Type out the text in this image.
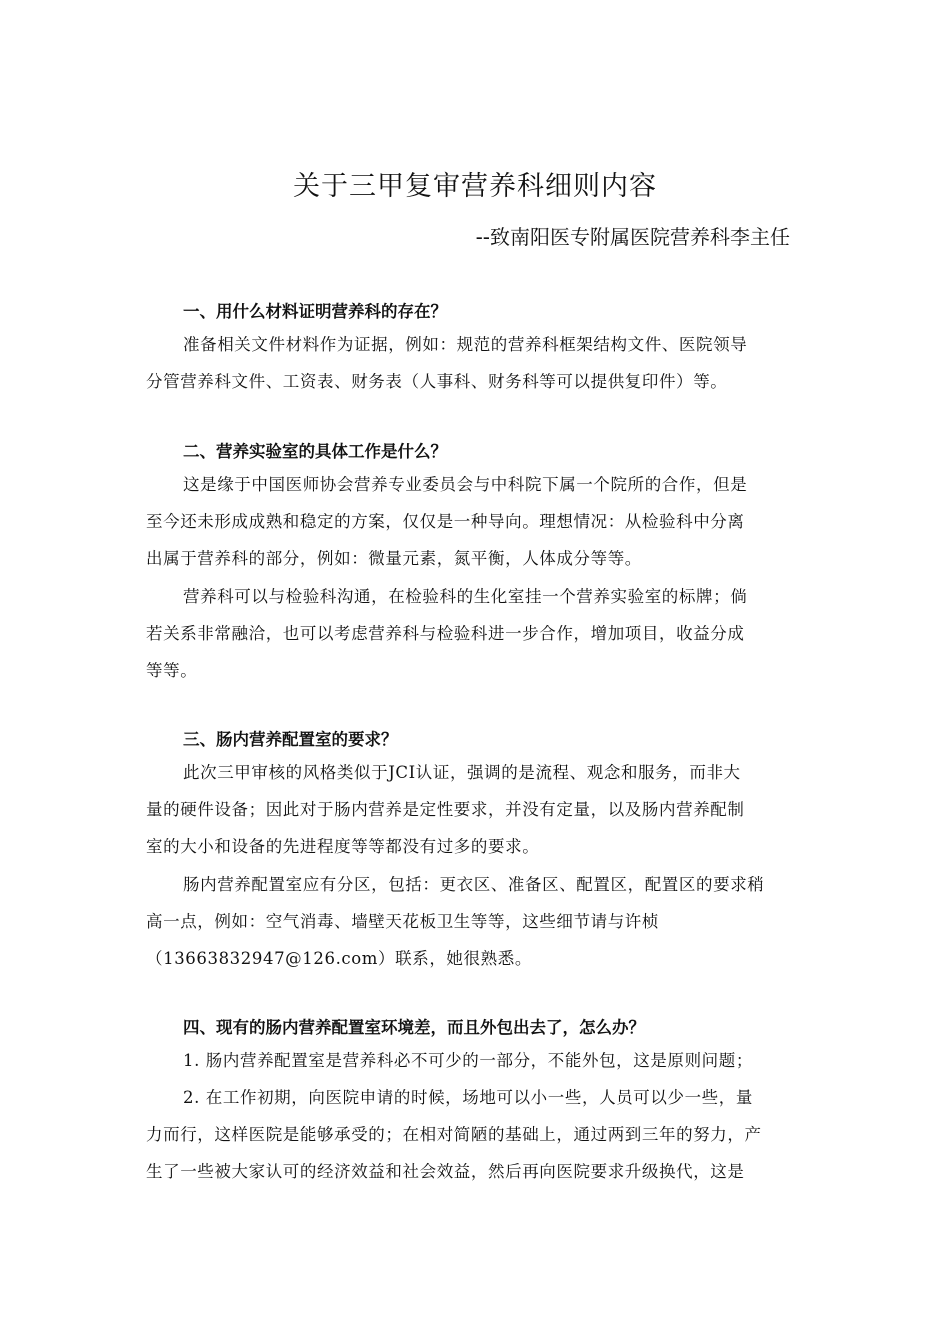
关于三甲复审营养科细则内容
--致南阳医专附属医院营养科李主任
一、用什么材料证明营养科的存在？

准备相关文件材料作为证据，例如：规范的营养科框架结构文件、医院领导
分管营养科文件、工资表、财务表（人事科、财务科等可以提供复印件）等。

二、营养实验室的具体工作是什么？

这是缘于中国医师协会营养专业委员会与中科院下属一个院所的合作，但是
至今还未形成成熟和稳定的方案，仅仅是一种导向。理想情况：从检验科中分离
出属于营养科的部分，例如：微量元素，氮平衡，人体成分等等。

营养科可以与检验科沟通，在检验科的生化室挂一个营养实验室的标牌；倘
若关系非常融洽，也可以考虑营养科与检验科进一步合作，增加项目，收益分成
等等。

三、肠内营养配置室的要求？

此次三甲审核的风格类似于JCI认证，强调的是流程、观念和服务，而非大
量的硬件设备；因此对于肠内营养是定性要求，并没有定量，以及肠内营养配制
室的大小和设备的先进程度等等都没有过多的要求。

肠内营养配置室应有分区，包括：更衣区、准备区、配置区，配置区的要求稍
高一点，例如：空气消毒、墙壁天花板卫生等等，这些细节请与许桢
（13663832947@126.com）联系，她很熟悉。

四、现有的肠内营养配置室环境差，而且外包出去了，怎么办？

1. 肠内营养配置室是营养科必不可少的一部分，不能外包，这是原则问题；

2. 在工作初期，向医院申请的时候，场地可以小一些，人员可以少一些，量
力而行，这样医院是能够承受的；在相对简陋的基础上，通过两到三年的努力，产
生了一些被大家认可的经济效益和社会效益，然后再向医院要求升级换代，这是
